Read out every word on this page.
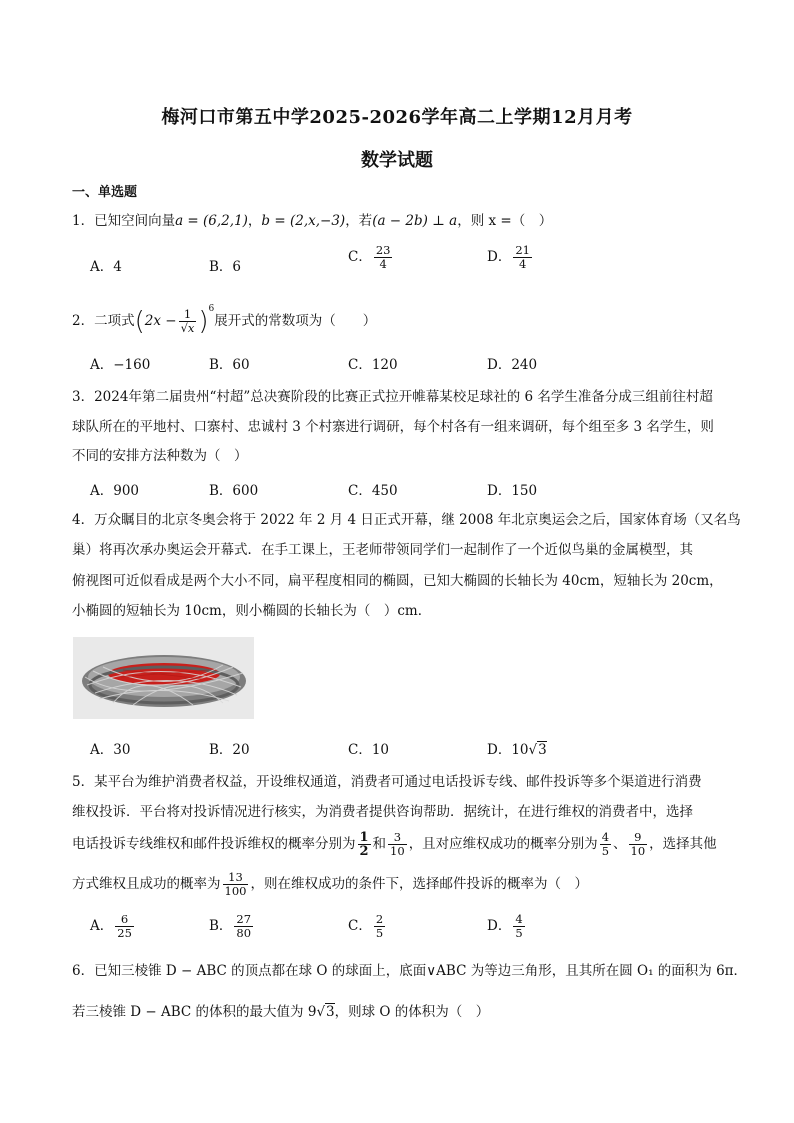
梅河口市第五中学2025-2026学年高二上学期12月月考
数学试题
一、单选题
1．已知空间向量a = (6,2,1)，b = (2,x,−3)，若(a − 2b) ⊥ a，则 x =（　）
A．4	B．6
C． $\frac{23}{4}$	D． $\frac{21}{4}$
2．二项式$(2x - \frac{1}{√x} )^6$展开式的常数项为（　　）
A．−160	B．60	C．120	D．240
3．2024年第二届贵州“村超”总决赛阶段的比赛正式拉开帷幕某校足球社的 6 名学生准备分成三组前往村超
球队所在的平地村、口寨村、忠诚村 3 个村寨进行调研，每个村各有一组来调研，每个组至多 3 名学生，则
不同的安排方法种数为（　）
A．900	B．600	C．450	D．150
4．万众瞩目的北京冬奥会将于 2022 年 2 月 4 日正式开幕，继 2008 年北京奥运会之后，国家体育场（又名鸟
巢）将再次承办奥运会开幕式．在手工课上，王老师带领同学们一起制作了一个近似鸟巢的金属模型，其
俯视图可近似看成是两个大小不同，扁平程度相同的椭圆，已知大椭圆的长轴长为 40cm，短轴长为 20cm，
小椭圆的短轴长为 10cm，则小椭圆的长轴长为（　）cm．
A．30	B．20	C．10	D．10√3
5．某平台为维护消费者权益，开设维权通道，消费者可通过电话投诉专线、邮件投诉等多个渠道进行消费
维权投诉．平台将对投诉情况进行核实，为消费者提供咨询帮助．据统计，在进行维权的消费者中，选择
电话投诉专线维权和邮件投诉维权的概率分别为 $\frac{1}{2}$ 和 $\frac{3}{10}$ ，且对应维权成功的概率分别为 $\frac{4}{5}$ 、 $\frac{9}{10}$ ，选择其他
方式维权且成功的概率为 $\frac{13}{100}$ ，则在维权成功的条件下，选择邮件投诉的概率为（　）
A． $\frac{6}{25}$	B． $\frac{27}{80}$	C． $\frac{2}{5}$	D． $\frac{4}{5}$
6．已知三棱锥 D − ABC 的顶点都在球 O 的球面上，底面∨ABC 为等边三角形，且其所在圆 O₁ 的面积为 6π．
若三棱锥 D − ABC 的体积的最大值为 9√3，则球 O 的体积为（　）
